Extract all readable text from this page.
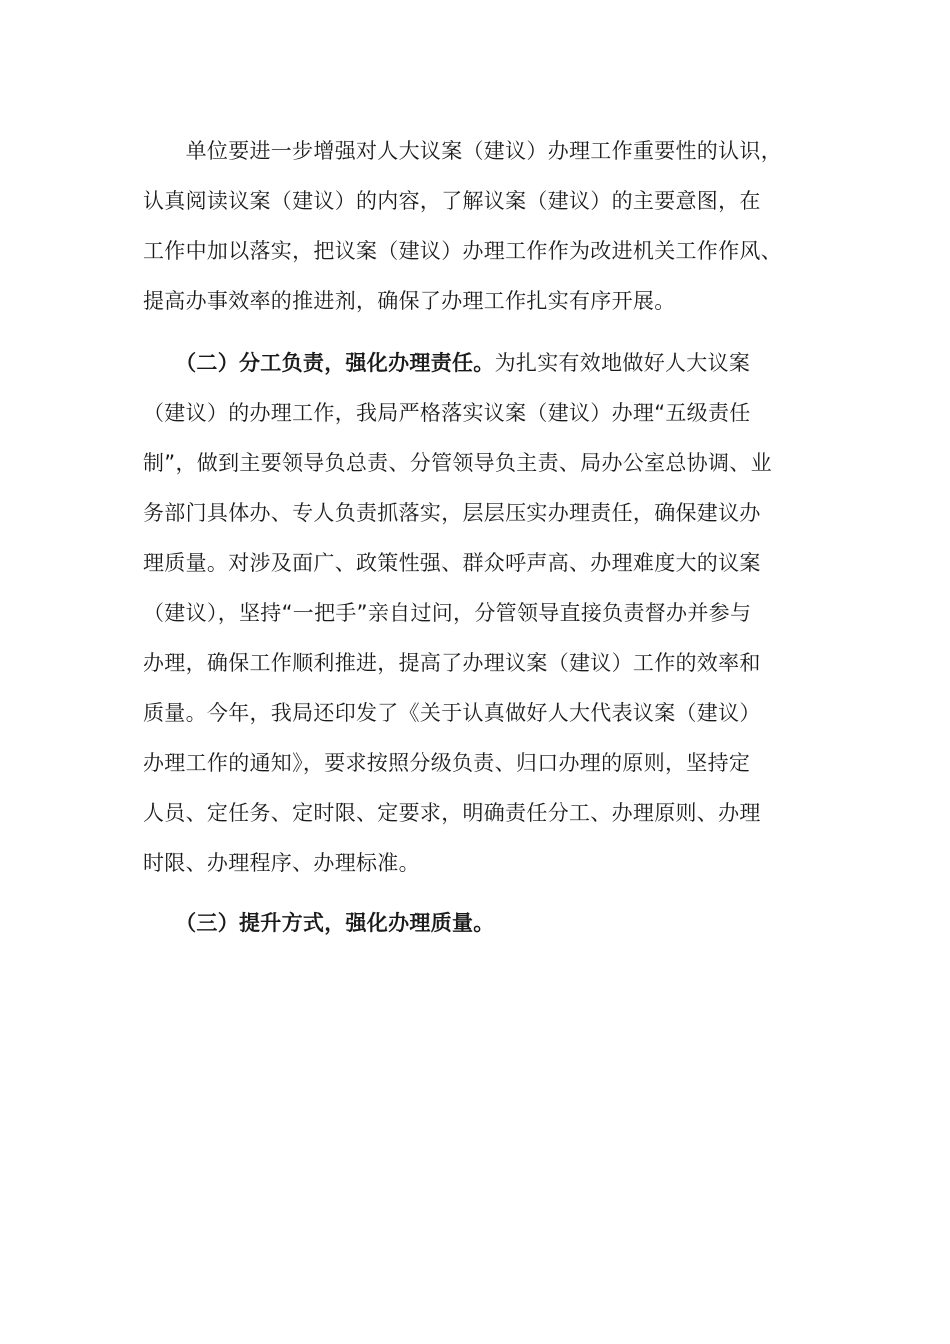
　　单位要进一步增强对人大议案（建议）办理工作重要性的认识，
认真阅读议案（建议）的内容，了解议案（建议）的主要意图，在
工作中加以落实，把议案（建议）办理工作作为改进机关工作作风、
提高办事效率的推进剂，确保了办理工作扎实有序开展。

　　（二）分工负责，强化办理责任。为扎实有效地做好人大议案
（建议）的办理工作，我局严格落实议案（建议）办理“五级责任
制”，做到主要领导负总责、分管领导负主责、局办公室总协调、业
务部门具体办、专人负责抓落实，层层压实办理责任，确保建议办
理质量。对涉及面广、政策性强、群众呼声高、办理难度大的议案
（建议），坚持“一把手”亲自过问，分管领导直接负责督办并参与
办理，确保工作顺利推进，提高了办理议案（建议）工作的效率和
质量。今年，我局还印发了《关于认真做好人大代表议案（建议）
办理工作的通知》，要求按照分级负责、归口办理的原则，坚持定
人员、定任务、定时限、定要求，明确责任分工、办理原则、办理
时限、办理程序、办理标准。

　　（三）提升方式，强化办理质量。
